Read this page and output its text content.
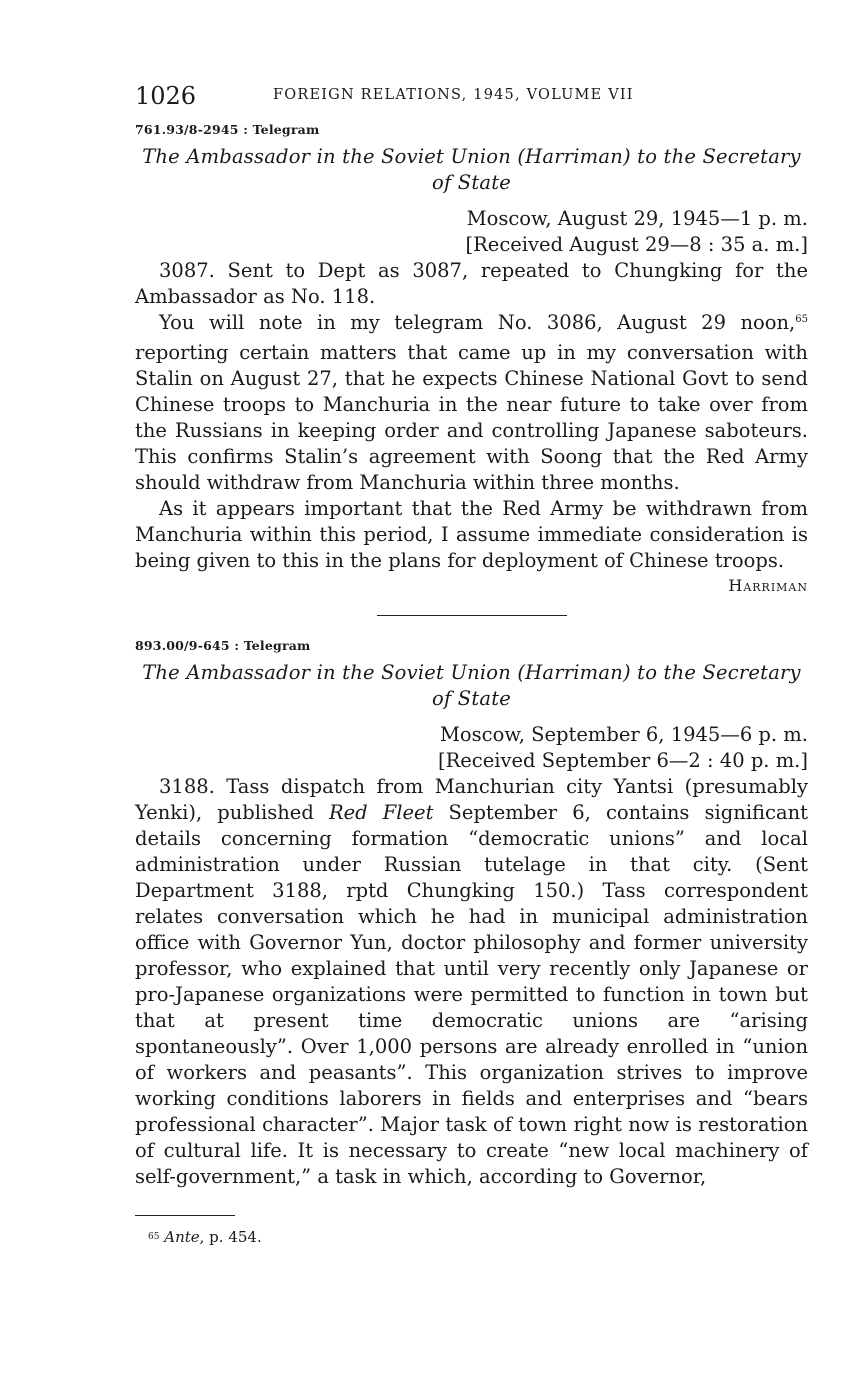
1026	FOREIGN RELATIONS, 1945, VOLUME VII
761.93/8-2945 : Telegram
The Ambassador in the Soviet Union (Harriman) to the Secretary of State
Moscow, August 29, 1945—1 p. m.
[Received August 29—8 : 35 a. m.]

3087. Sent to Dept as 3087, repeated to Chungking for the Ambassador as No. 118.

You will note in my telegram No. 3086, August 29 noon,$^{65}$ reporting certain matters that came up in my conversation with Stalin on August 27, that he expects Chinese National Govt to send Chinese troops to Manchuria in the near future to take over from the Russians in keeping order and controlling Japanese saboteurs. This confirms Stalin’s agreement with Soong that the Red Army should withdraw from Manchuria within three months.

As it appears important that the Red Army be withdrawn from Manchuria within this period, I assume immediate consideration is being given to this in the plans for deployment of Chinese troops.

Harriman
893.00/9-645 : Telegram
The Ambassador in the Soviet Union (Harriman) to the Secretary of State
Moscow, September 6, 1945—6 p. m.
[Received September 6—2 : 40 p. m.]

3188. Tass dispatch from Manchurian city Yantsi (presumably Yenki), published Red Fleet September 6, contains significant details concerning formation “democratic unions” and local administration under Russian tutelage in that city. (Sent Department 3188, rptd Chungking 150.) Tass correspondent relates conversation which he had in municipal administration office with Governor Yun, doctor philosophy and former university professor, who explained that until very recently only Japanese or pro-Japanese organizations were permitted to function in town but that at present time democratic unions are “arising spontaneously”. Over 1,000 persons are already enrolled in “union of workers and peasants”. This organization strives to improve working conditions laborers in fields and enterprises and “bears professional character”. Major task of town right now is restoration of cultural life. It is necessary to create “new local machinery of self-government,” a task in which, according to Governor,

$^{65}$ Ante, p. 454.
